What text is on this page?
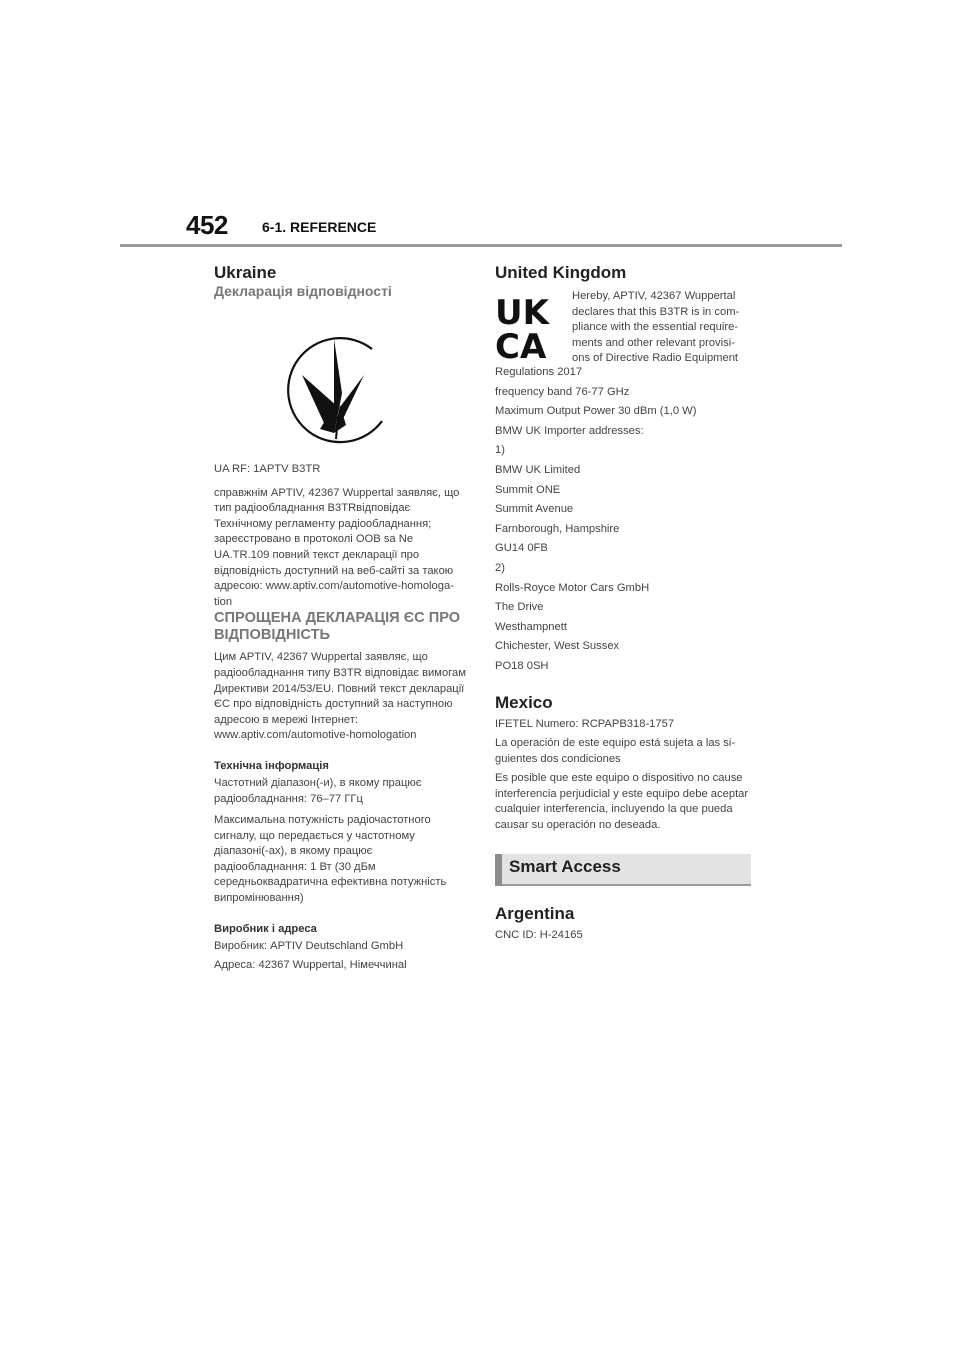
452 6-1. REFERENCE
Ukraine
Декларація відповідності

UA RF: 1APTV B3TR

справжнім APTIV, 42367 Wuppertal заявляє, що тип радіообладнання B3TRвідповідає Технічному регламенту радіообладнання; зареєстровано в протоколі OOB sa Ne UA.TR.109 повний текст декларації про відповідність доступний на веб-сайті за такою адресою: www.aptiv.com/automotive-homologa-tion

СПРОЩЕНА ДЕКЛАРАЦІЯ ЄС ПРО ВІДПОВІДНІСТЬ

Цим APTIV, 42367 Wuppertal заявляє, що радіообладнання типу B3TR відповідає вимогам Директиви 2014/53/EU. Повний текст декларації ЄС про відповідність доступний за наступною адресою в мережі Інтернет: www.aptiv.com/automotive-homologation

Технічна інформація

Частотний діапазон(-и), в якому працює радіообладнання: 76–77 ГГц

Максимальна потужність радіочастотного сигналу, що передається у частотному діапазоні(-ах), в якому працює радіообладнання: 1 Вт (30 дБм середньоквадратична ефективна потужність випромінювання)

Виробник і адреса

Виробник: APTIV Deutschland GmbH

Адреса: 42367 Wuppertal, Німеччинаl

United Kingdom
UK
CA

Hereby, APTIV, 42367 Wuppertal declares that this B3TR is in com-pliance with the essential require-ments and other relevant provisi-ons of Directive Radio Equipment

Regulations 2017

frequency band 76-77 GHz

Maximum Output Power 30 dBm (1,0 W)

BMW UK Importer addresses:

1)

BMW UK Limited

Summit ONE

Summit Avenue

Farnborough, Hampshire

GU14 0FB

2)

Rolls-Royce Motor Cars GmbH

The Drive

Westhampnett

Chichester, West Sussex

PO18 0SH

Mexico

IFETEL Numero: RCPAPB318-1757

La operación de este equipo está sujeta a las si-guientes dos condiciones

Es posible que este equipo o dispositivo no cause interferencia perjudicial y este equipo debe aceptar cualquier interferencia, incluyendo la que pueda causar su operación no deseada.

Smart Access
Argentina

CNC ID: H-24165
